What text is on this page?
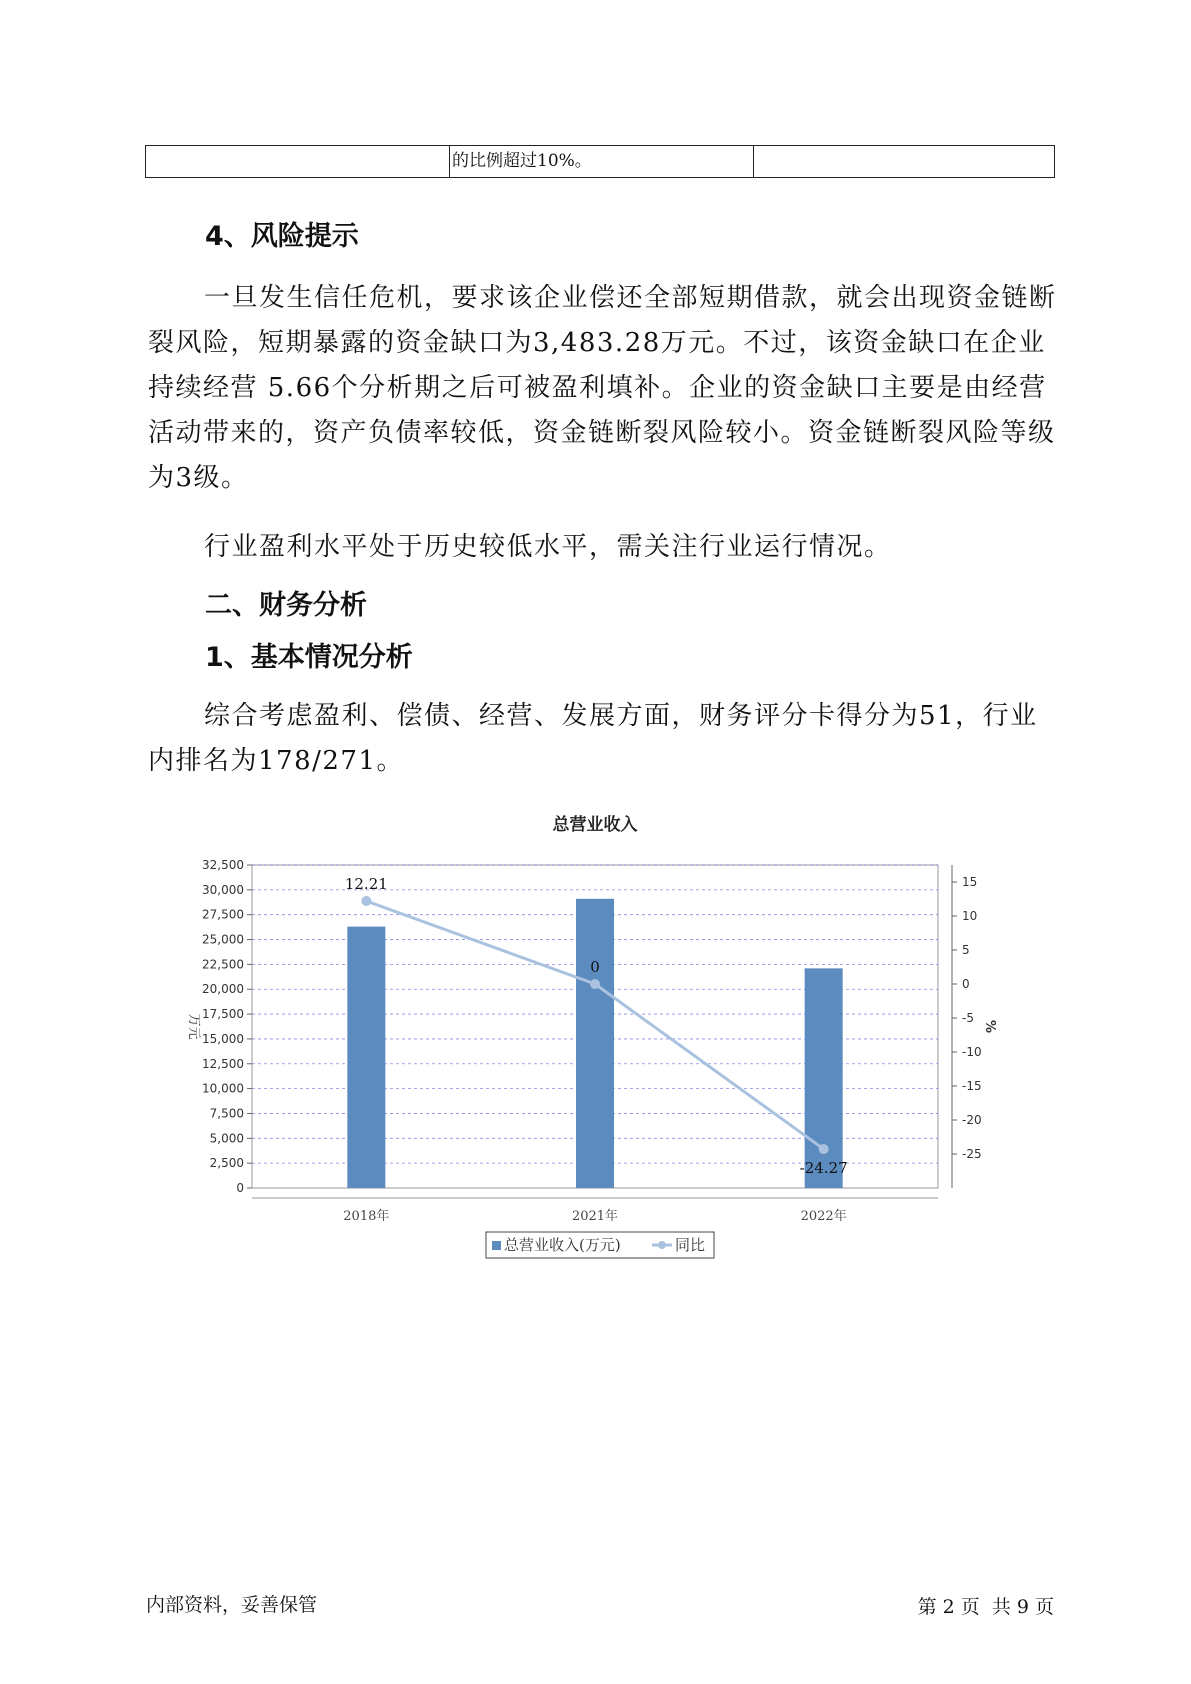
的比例超过10%。
4、风险提示
一旦发生信任危机，要求该企业偿还全部短期借款，就会出现资金链断裂风险，短期暴露的资金缺口为3,483.28万元。不过，该资金缺口在企业持续经营 5.66个分析期之后可被盈利填补。企业的资金缺口主要是由经营活动带来的，资产负债率较低，资金链断裂风险较小。资金链断裂风险等级为3级。
行业盈利水平处于历史较低水平，需关注行业运行情况。
二、财务分析
1、基本情况分析
综合考虑盈利、偿债、经营、发展方面，财务评分卡得分为51，行业内排名为178/271。
总营业收入
0
2,500
5,000
7,500
10,000
12,500
15,000
17,500
20,000
22,500
25,000
27,500
30,000
32,500
-25
-20
-15
-10
-5
0
5
10
15
万元	%
2018年	2021年	2022年
12.21
0
-24.27
总营业收入(万元)	同比
内部资料，妥善保管	第 2 页  共 9 页
